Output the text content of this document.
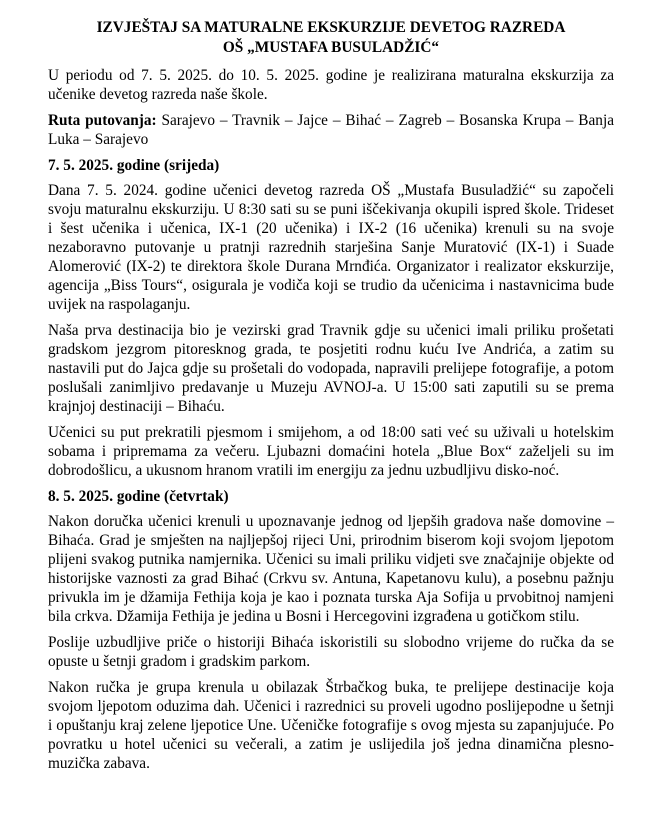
IZVJEŠTAJ SA MATURALNE EKSKURZIJE DEVETOG RAZREDA
OŠ „MUSTAFA BUSULADŽIĆ“

U periodu od 7. 5. 2025. do 10. 5. 2025. godine je realizirana maturalna ekskurzija za učenike devetog razreda naše škole.

Ruta putovanja: Sarajevo – Travnik – Jajce – Bihać – Zagreb – Bosanska Krupa – Banja Luka – Sarajevo

7. 5. 2025. godine (srijeda)

Dana 7. 5. 2024. godine učenici devetog razreda OŠ „Mustafa Busuladžić“ su započeli svoju maturalnu ekskurziju. U 8:30 sati su se puni iščekivanja okupili ispred škole. Trideset i šest učenika i učenica, IX-1 (20 učenika) i IX-2 (16 učenika) krenuli su na svoje nezaboravno putovanje u pratnji razrednih starješina Sanje Muratović (IX-1) i Suade Alomerović (IX-2) te direktora škole Durana Mrnđića. Organizator i realizator ekskurzije, agencija „Biss Tours“, osigurala je vodiča koji se trudio da učenicima i nastavnicima bude uvijek na raspolaganju.

Naša prva destinacija bio je vezirski grad Travnik gdje su učenici imali priliku prošetati gradskom jezgrom pitoresknog grada, te posjetiti rodnu kuću Ive Andrića, a zatim su nastavili put do Jajca gdje su prošetali do vodopada, napravili prelijepe fotografije, a potom poslušali zanimljivo predavanje u Muzeju AVNOJ-a. U 15:00 sati zaputili su se prema krajnjoj destinaciji – Bihaću.

Učenici su put prekratili pjesmom i smijehom, a od 18:00 sati već su uživali u hotelskim sobama i pripremama za večeru. Ljubazni domaćini hotela „Blue Box“ zaželjeli su im dobrodošlicu, a ukusnom hranom vratili im energiju za jednu uzbudljivu disko-noć.

8. 5. 2025. godine (četvrtak)

Nakon doručka učenici krenuli u upoznavanje jednog od ljepših gradova naše domovine – Bihaća. Grad je smješten na najljepšoj rijeci Uni, prirodnim biserom koji svojom ljepotom plijeni svakog putnika namjernika. Učenici su imali priliku vidjeti sve značajnije objekte od historijske vaznosti za grad Bihać (Crkvu sv. Antuna, Kapetanovu kulu), a posebnu pažnju privukla im je džamija Fethija koja je kao i poznata turska Aja Sofija u prvobitnoj namjeni bila crkva. Džamija Fethija je jedina u Bosni i Hercegovini izgrađena u gotičkom stilu.

Poslije uzbudljive priče o historiji Bihaća iskoristili su slobodno vrijeme do ručka da se opuste u šetnji gradom i gradskim parkom.

Nakon ručka je grupa krenula u obilazak Štrbačkog buka, te prelijepe destinacije koja svojom ljepotom oduzima dah. Učenici i razrednici su proveli ugodno poslijepodne u šetnji i opuštanju kraj zelene ljepotice Une. Učeničke fotografije s ovog mjesta su zapanjujuće. Po povratku u hotel učenici su večerali, a zatim je uslijedila još jedna dinamična plesno-muzička zabava.
